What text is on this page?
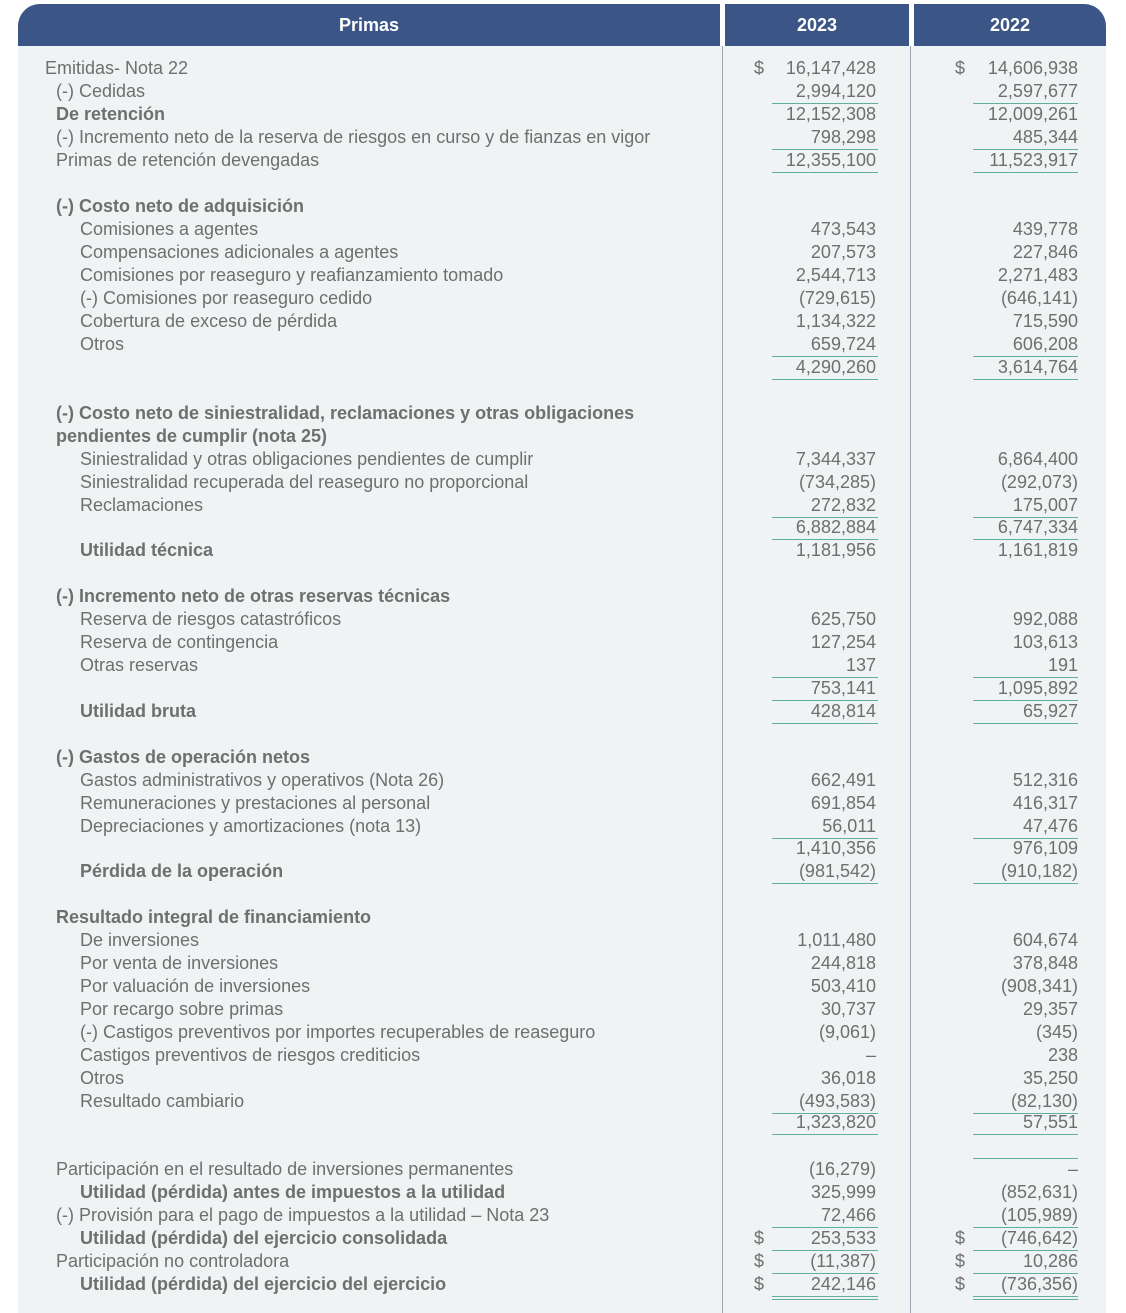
Primas	2023	2022
Emitidas- Nota 22	$	16,147,428	$	14,606,938
(-) Cedidas	2,994,120	2,597,677
De retención	12,152,308	12,009,261
(-) Incremento neto de la reserva de riesgos en curso y de fianzas en vigor	798,298	485,344
Primas de retención devengadas	12,355,100	11,523,917
(-) Costo neto de adquisición
Comisiones a agentes	473,543	439,778
Compensaciones adicionales a agentes	207,573	227,846
Comisiones por reaseguro y reafianzamiento tomado	2,544,713	2,271,483
(-) Comisiones por reaseguro cedido	(729,615)	(646,141)
Cobertura de exceso de pérdida	1,134,322	715,590
Otros	659,724	606,208
4,290,260	3,614,764
(-) Costo neto de siniestralidad, reclamaciones y otras obligaciones
pendientes de cumplir (nota 25)
Siniestralidad y otras obligaciones pendientes de cumplir	7,344,337	6,864,400
Siniestralidad recuperada del reaseguro no proporcional	(734,285)	(292,073)
Reclamaciones	272,832	175,007
6,882,884	6,747,334
Utilidad técnica	1,181,956	1,161,819
(-) Incremento neto de otras reservas técnicas
Reserva de riesgos catastróficos	625,750	992,088
Reserva de contingencia	127,254	103,613
Otras reservas	137	191
753,141	1,095,892
Utilidad bruta	428,814	65,927
(-) Gastos de operación netos
Gastos administrativos y operativos (Nota 26)	662,491	512,316
Remuneraciones y prestaciones al personal	691,854	416,317
Depreciaciones y amortizaciones (nota 13)	56,011	47,476
1,410,356	976,109
Pérdida de la operación	(981,542)	(910,182)
Resultado integral de financiamiento
De inversiones	1,011,480	604,674
Por venta de inversiones	244,818	378,848
Por valuación de inversiones	503,410	(908,341)
Por recargo sobre primas	30,737	29,357
(-) Castigos preventivos por importes recuperables de reaseguro	(9,061)	(345)
Castigos preventivos de riesgos crediticios	–	238
Otros	36,018	35,250
Resultado cambiario	(493,583)	(82,130)
1,323,820	57,551
Participación en el resultado de inversiones permanentes	(16,279)	–
Utilidad (pérdida) antes de impuestos a la utilidad	325,999	(852,631)
(-) Provisión para el pago de impuestos a la utilidad – Nota 23	72,466	(105,989)
Utilidad (pérdida) del ejercicio consolidada	$	253,533	$	(746,642)
Participación no controladora	$	(11,387)	$	10,286
Utilidad (pérdida) del ejercicio del ejercicio	$	242,146	$	(736,356)
